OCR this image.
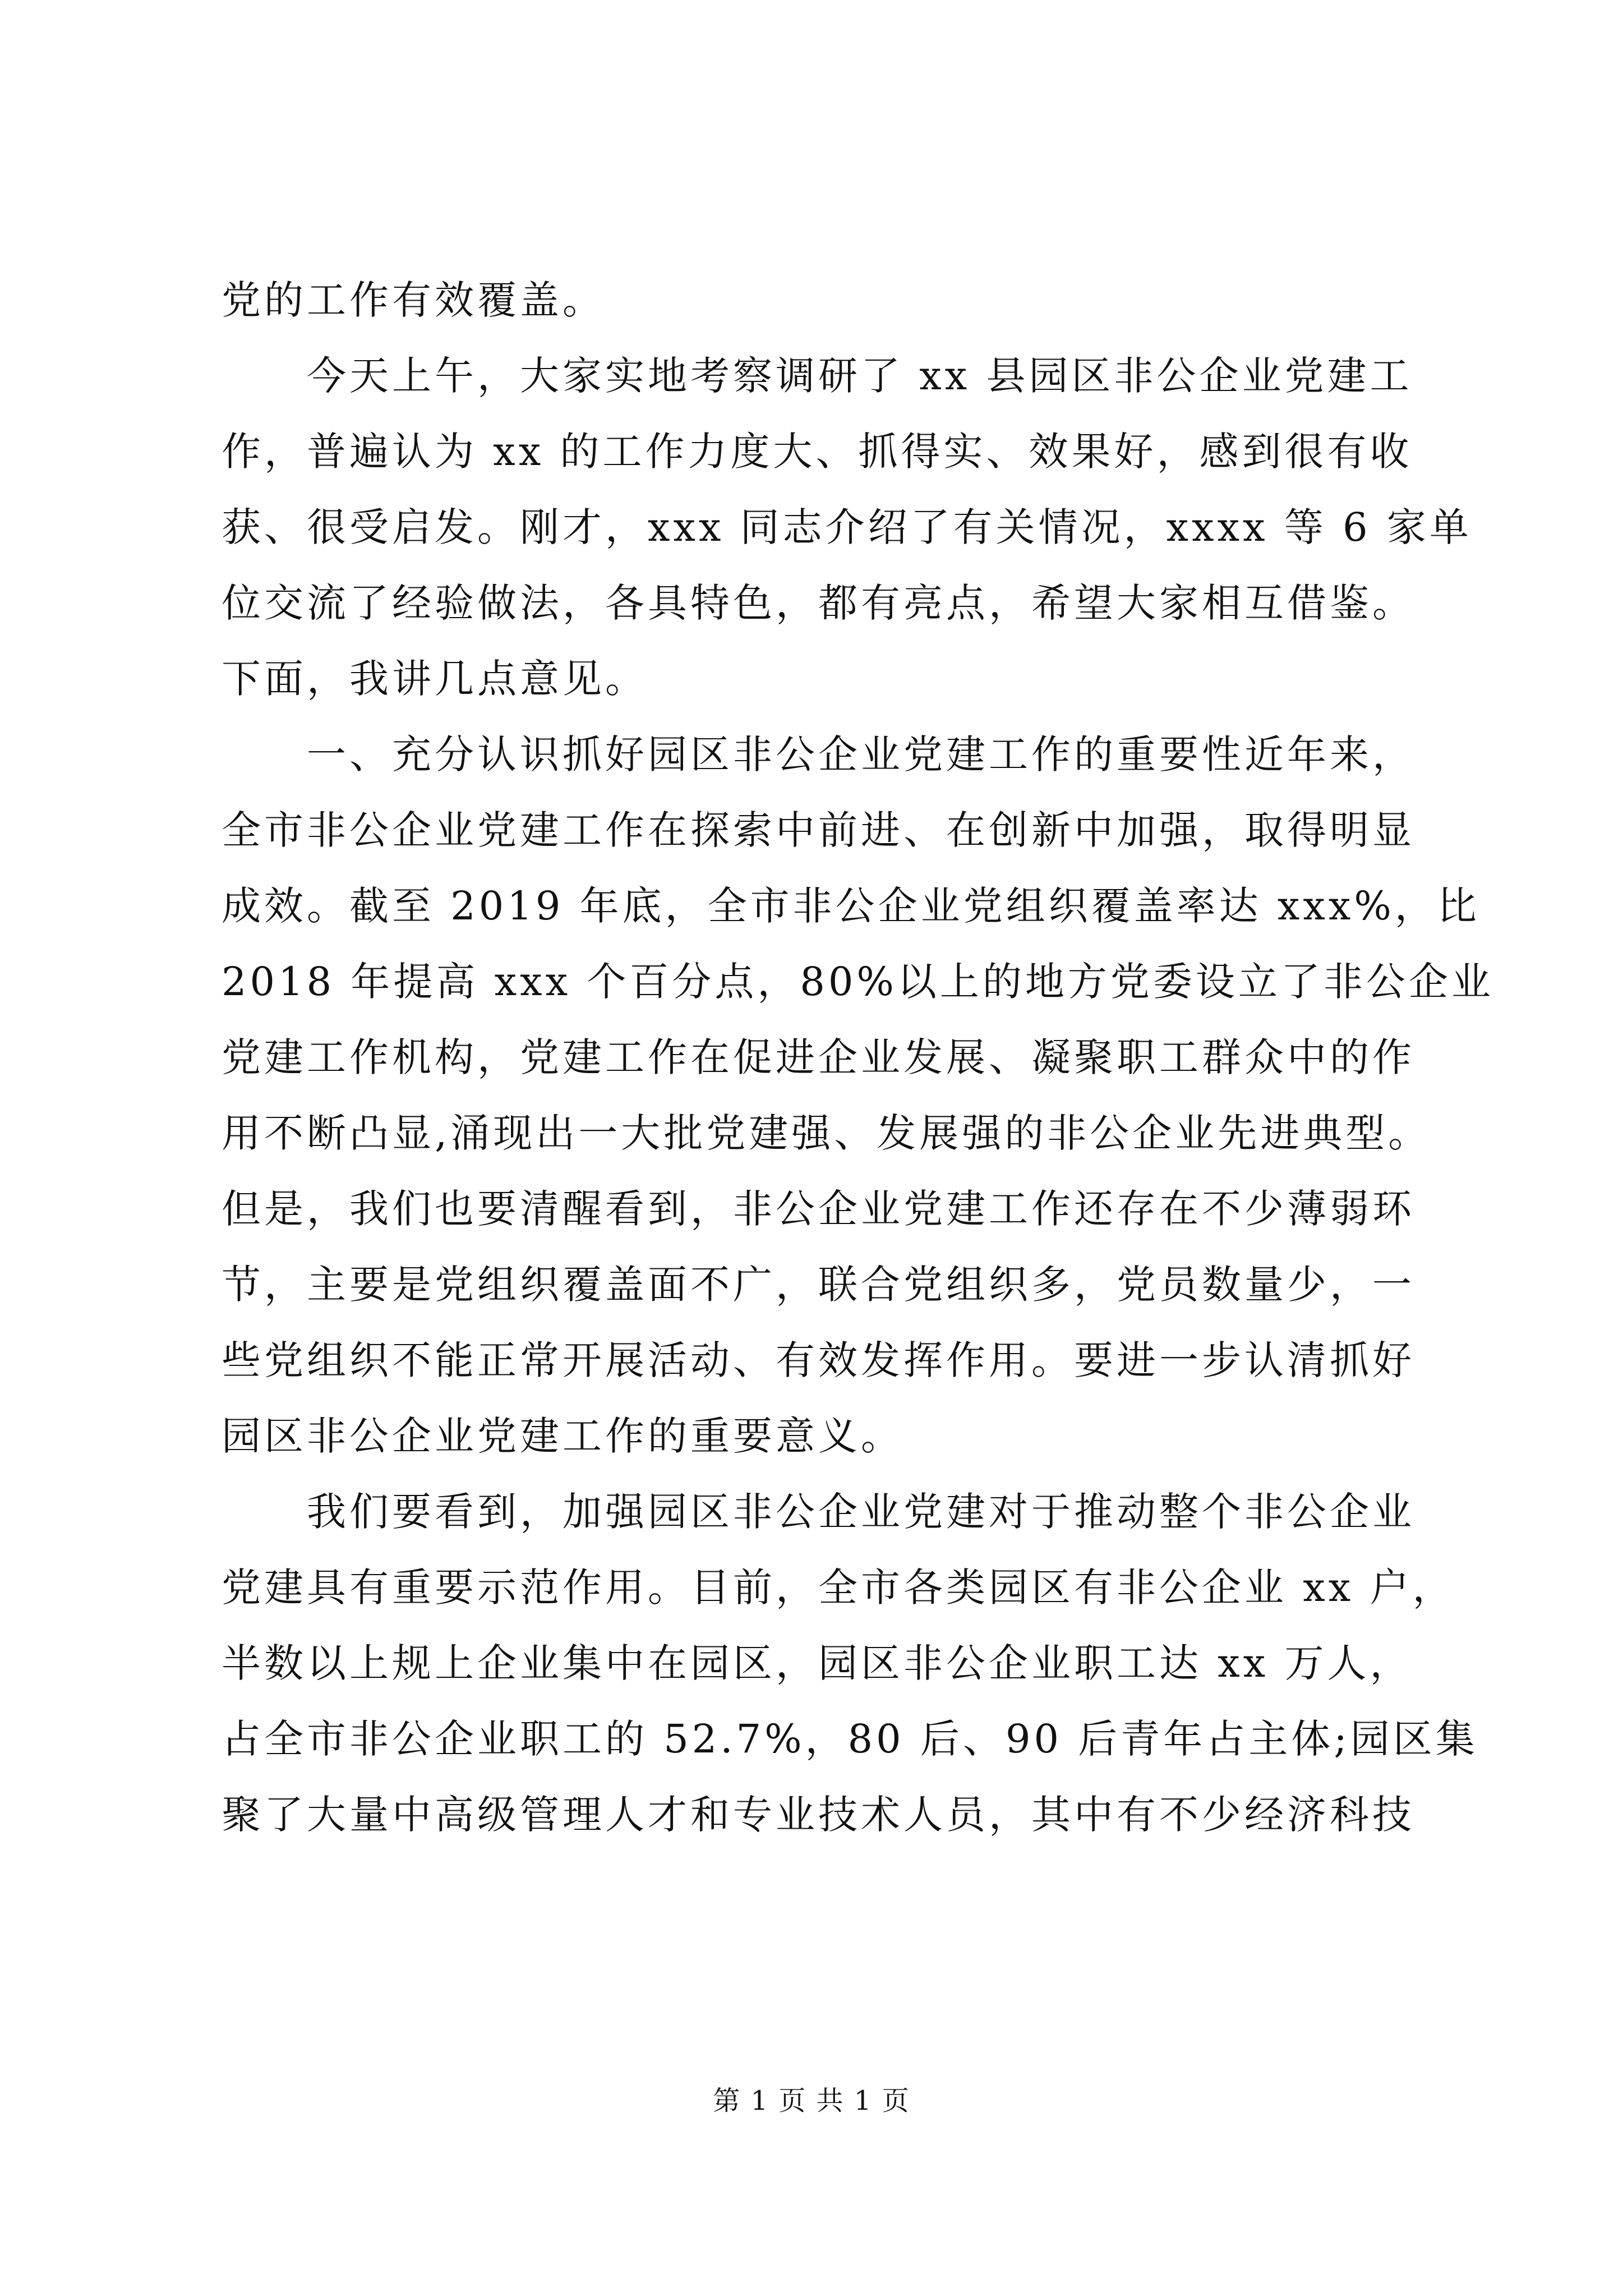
党的工作有效覆盖。
今天上午，大家实地考察调研了 xx 县园区非公企业党建工
作，普遍认为 xx 的工作力度大、抓得实、效果好，感到很有收
获、很受启发。刚才，xxx 同志介绍了有关情况，xxxx 等 6 家单
位交流了经验做法，各具特色，都有亮点，希望大家相互借鉴。
下面，我讲几点意见。
一、充分认识抓好园区非公企业党建工作的重要性近年来，
全市非公企业党建工作在探索中前进、在创新中加强，取得明显
成效。截至 2019 年底，全市非公企业党组织覆盖率达 xxx%，比
2018 年提高 xxx 个百分点，80%以上的地方党委设立了非公企业
党建工作机构，党建工作在促进企业发展、凝聚职工群众中的作
用不断凸显,涌现出一大批党建强、发展强的非公企业先进典型。
但是，我们也要清醒看到，非公企业党建工作还存在不少薄弱环
节，主要是党组织覆盖面不广，联合党组织多，党员数量少，一
些党组织不能正常开展活动、有效发挥作用。要进一步认清抓好
园区非公企业党建工作的重要意义。
我们要看到，加强园区非公企业党建对于推动整个非公企业
党建具有重要示范作用。目前，全市各类园区有非公企业 xx 户，
半数以上规上企业集中在园区，园区非公企业职工达 xx 万人，
占全市非公企业职工的 52.7%，80 后、90 后青年占主体;园区集
聚了大量中高级管理人才和专业技术人员，其中有不少经济科技
第 1 页 共 1 页
